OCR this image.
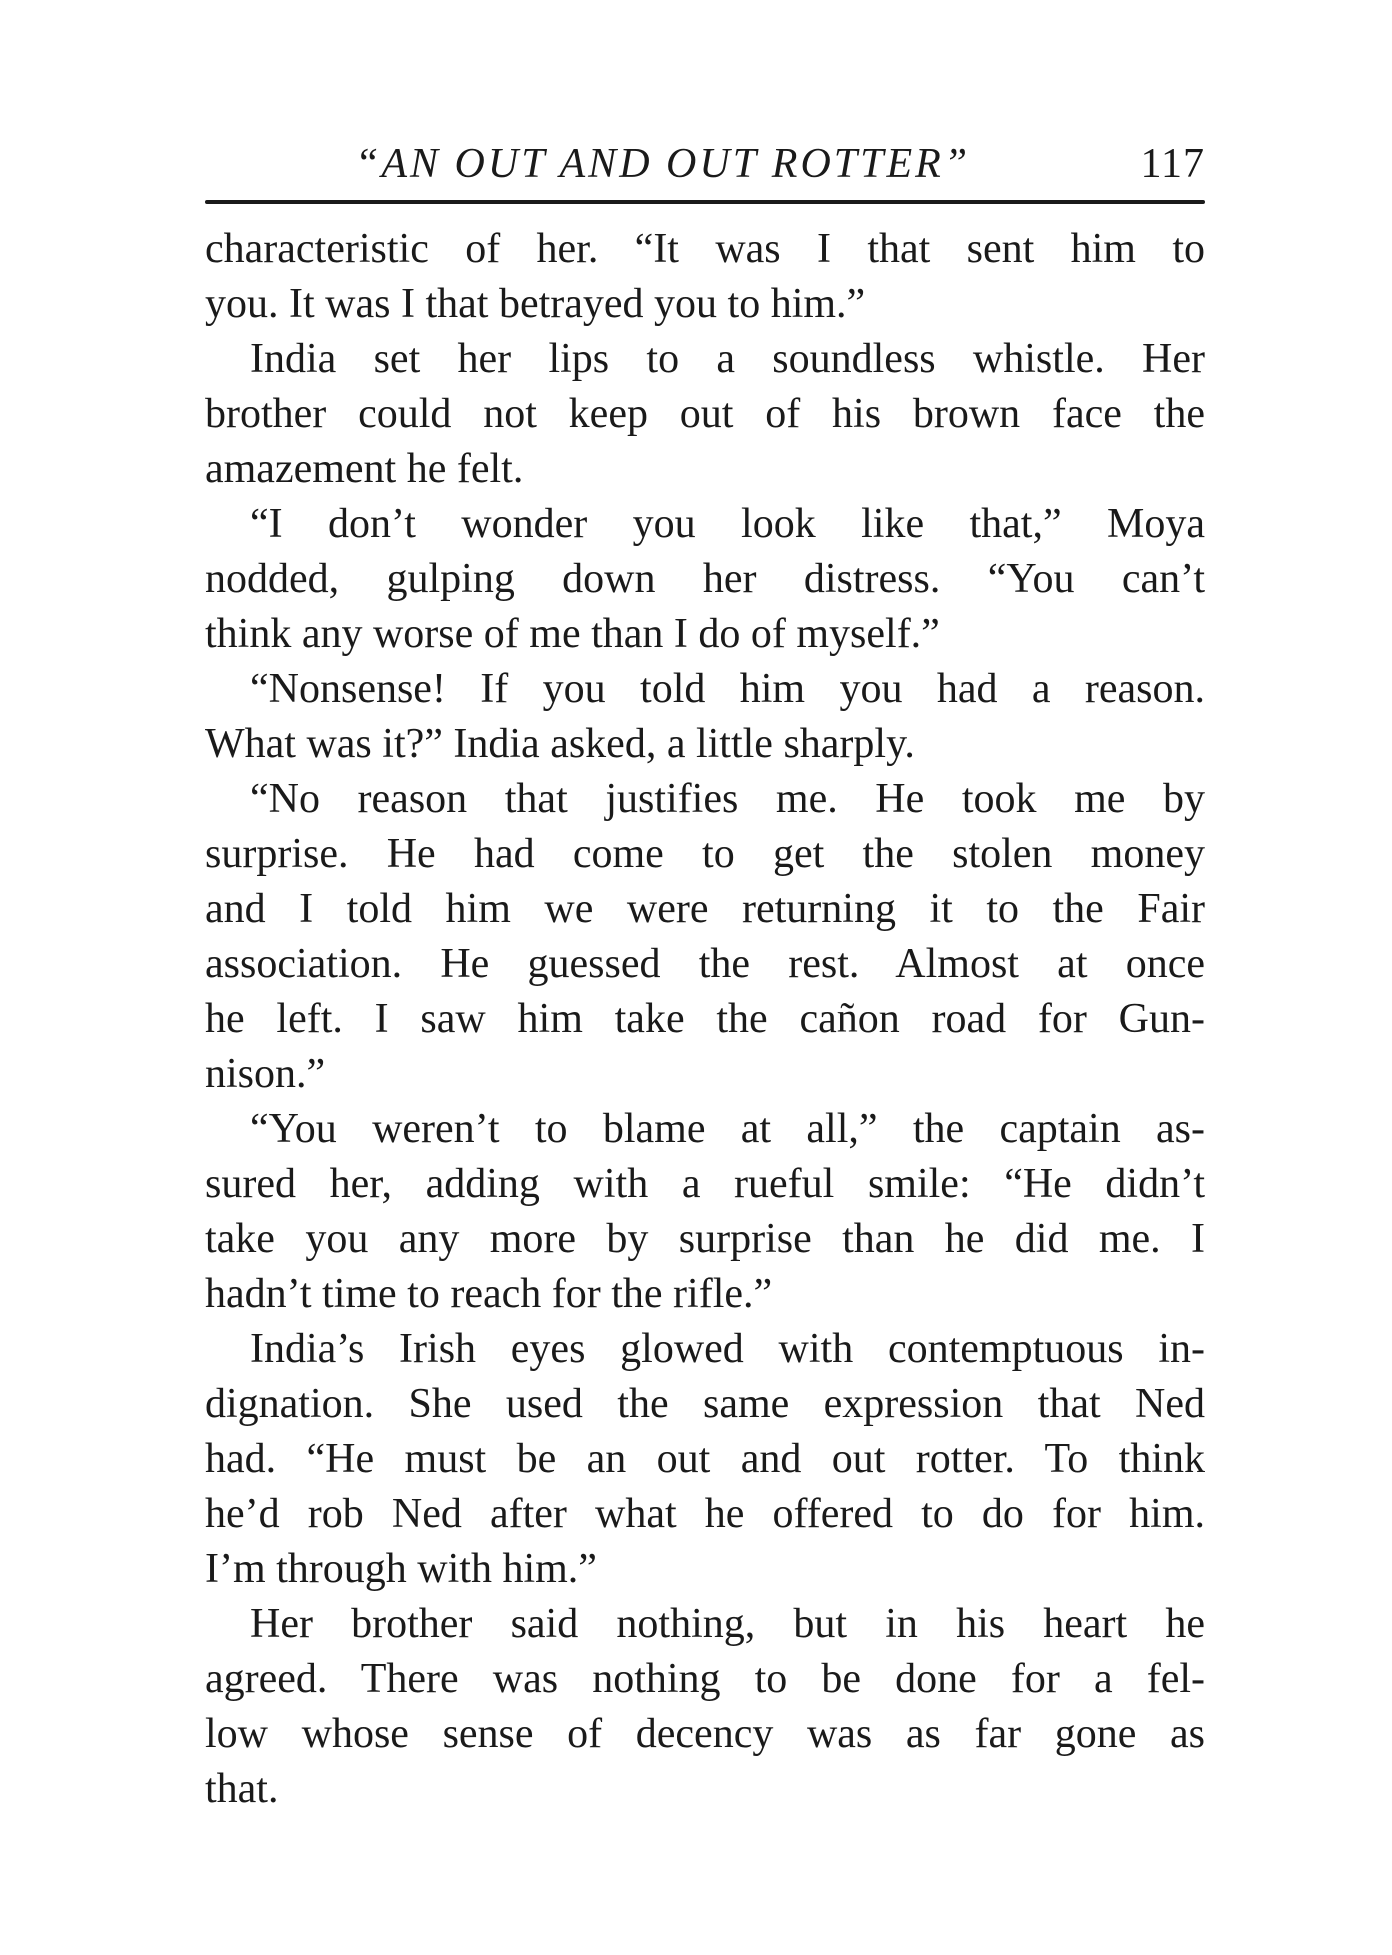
“AN OUT AND OUT ROTTER”	117
characteristic of her. “It was I that sent him to
you. It was I that betrayed you to him.”
India set her lips to a soundless whistle. Her
brother could not keep out of his brown face the
amazement he felt.
“I don’t wonder you look like that,” Moya
nodded, gulping down her distress. “You can’t
think any worse of me than I do of myself.”
“Nonsense! If you told him you had a reason.
What was it?” India asked, a little sharply.
“No reason that justifies me. He took me by
surprise. He had come to get the stolen money
and I told him we were returning it to the Fair
association. He guessed the rest. Almost at once
he left. I saw him take the cañon road for Gun-
nison.”
“You weren’t to blame at all,” the captain as-
sured her, adding with a rueful smile: “He didn’t
take you any more by surprise than he did me. I
hadn’t time to reach for the rifle.”
India’s Irish eyes glowed with contemptuous in-
dignation. She used the same expression that Ned
had. “He must be an out and out rotter. To think
he’d rob Ned after what he offered to do for him.
I’m through with him.”
Her brother said nothing, but in his heart he
agreed. There was nothing to be done for a fel-
low whose sense of decency was as far gone as
that.
